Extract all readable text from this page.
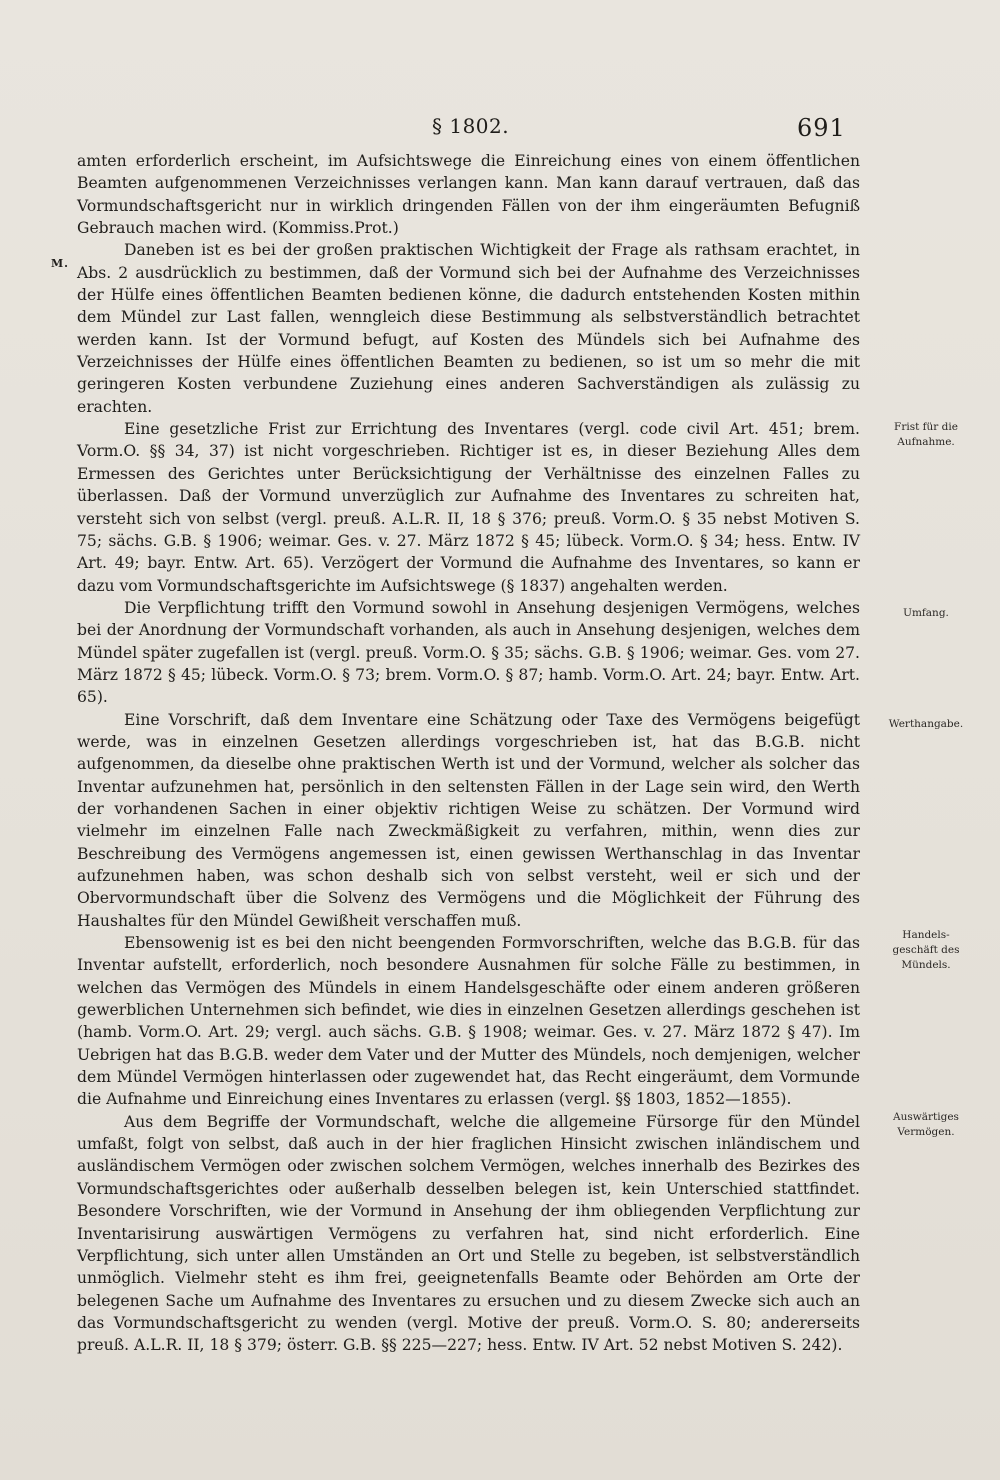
§ 1802.	691
M.

amten erforderlich erscheint, im Aufsichtswege die Einreichung eines von einem öffentlichen Beamten aufgenommenen Verzeichnisses verlangen kann. Man kann darauf vertrauen, daß das Vormundschaftsgericht nur in wirklich dringenden Fällen von der ihm eingeräumten Befugniß Gebrauch machen wird. (Kommiss.Prot.)

Daneben ist es bei der großen praktischen Wichtigkeit der Frage als rathsam erachtet, in Abs. 2 ausdrücklich zu bestimmen, daß der Vormund sich bei der Aufnahme des Verzeichnisses der Hülfe eines öffentlichen Beamten bedienen könne, die dadurch entstehenden Kosten mithin dem Mündel zur Last fallen, wenngleich diese Bestimmung als selbstverständlich betrachtet werden kann. Ist der Vormund befugt, auf Kosten des Mündels sich bei Aufnahme des Verzeichnisses der Hülfe eines öffentlichen Beamten zu bedienen, so ist um so mehr die mit geringeren Kosten verbundene Zuziehung eines anderen Sachverständigen als zulässig zu erachten.

Eine gesetzliche Frist zur Errichtung des Inventares (vergl. code civil Art. 451; brem. Vorm.O. §§ 34, 37) ist nicht vorgeschrieben. Richtiger ist es, in dieser Beziehung Alles dem Ermessen des Gerichtes unter Berücksichtigung der Verhältnisse des einzelnen Falles zu überlassen. Daß der Vormund unverzüglich zur Aufnahme des Inventares zu schreiten hat, versteht sich von selbst (vergl. preuß. A.L.R. II, 18 § 376; preuß. Vorm.O. § 35 nebst Motiven S. 75; sächs. G.B. § 1906; weimar. Ges. v. 27. März 1872 § 45; lübeck. Vorm.O. § 34; hess. Entw. IV Art. 49; bayr. Entw. Art. 65). Verzögert der Vormund die Aufnahme des Inventares, so kann er dazu vom Vormundschaftsgerichte im Aufsichtswege (§ 1837) angehalten werden.

Die Verpflichtung trifft den Vormund sowohl in Ansehung desjenigen Vermögens, welches bei der Anordnung der Vormundschaft vorhanden, als auch in Ansehung desjenigen, welches dem Mündel später zugefallen ist (vergl. preuß. Vorm.O. § 35; sächs. G.B. § 1906; weimar. Ges. vom 27. März 1872 § 45; lübeck. Vorm.O. § 73; brem. Vorm.O. § 87; hamb. Vorm.O. Art. 24; bayr. Entw. Art. 65).

Eine Vorschrift, daß dem Inventare eine Schätzung oder Taxe des Vermögens beigefügt werde, was in einzelnen Gesetzen allerdings vorgeschrieben ist, hat das B.G.B. nicht aufgenommen, da dieselbe ohne praktischen Werth ist und der Vormund, welcher als solcher das Inventar aufzunehmen hat, persönlich in den seltensten Fällen in der Lage sein wird, den Werth der vorhandenen Sachen in einer objektiv richtigen Weise zu schätzen. Der Vormund wird vielmehr im einzelnen Falle nach Zweckmäßigkeit zu verfahren, mithin, wenn dies zur Beschreibung des Vermögens angemessen ist, einen gewissen Werthanschlag in das Inventar aufzunehmen haben, was schon deshalb sich von selbst versteht, weil er sich und der Obervormundschaft über die Solvenz des Vermögens und die Möglichkeit der Führung des Haushaltes für den Mündel Gewißheit verschaffen muß.

Ebensowenig ist es bei den nicht beengenden Formvorschriften, welche das B.G.B. für das Inventar aufstellt, erforderlich, noch besondere Ausnahmen für solche Fälle zu bestimmen, in welchen das Vermögen des Mündels in einem Handelsgeschäfte oder einem anderen größeren gewerblichen Unternehmen sich befindet, wie dies in einzelnen Gesetzen allerdings geschehen ist (hamb. Vorm.O. Art. 29; vergl. auch sächs. G.B. § 1908; weimar. Ges. v. 27. März 1872 § 47). Im Uebrigen hat das B.G.B. weder dem Vater und der Mutter des Mündels, noch demjenigen, welcher dem Mündel Vermögen hinterlassen oder zugewendet hat, das Recht eingeräumt, dem Vormunde die Aufnahme und Einreichung eines Inventares zu erlassen (vergl. §§ 1803, 1852—1855).

Aus dem Begriffe der Vormundschaft, welche die allgemeine Fürsorge für den Mündel umfaßt, folgt von selbst, daß auch in der hier fraglichen Hinsicht zwischen inländischem und ausländischem Vermögen oder zwischen solchem Vermögen, welches innerhalb des Bezirkes des Vormundschaftsgerichtes oder außerhalb desselben belegen ist, kein Unterschied stattfindet. Besondere Vorschriften, wie der Vormund in Ansehung der ihm obliegenden Verpflichtung zur Inventarisirung auswärtigen Vermögens zu verfahren hat, sind nicht erforderlich. Eine Verpflichtung, sich unter allen Umständen an Ort und Stelle zu begeben, ist selbstverständlich unmöglich. Vielmehr steht es ihm frei, geeignetenfalls Beamte oder Behörden am Orte der belegenen Sache um Aufnahme des Inventares zu ersuchen und zu diesem Zwecke sich auch an das Vormundschaftsgericht zu wenden (vergl. Motive der preuß. Vorm.O. S. 80; andererseits preuß. A.L.R. II, 18 § 379; österr. G.B. §§ 225—227; hess. Entw. IV Art. 52 nebst Motiven S. 242).

Frist für die
Aufnahme.
Umfang.
Werthangabe.
Handels-
geschäft des
Mündels.
Auswärtiges
Vermögen.
